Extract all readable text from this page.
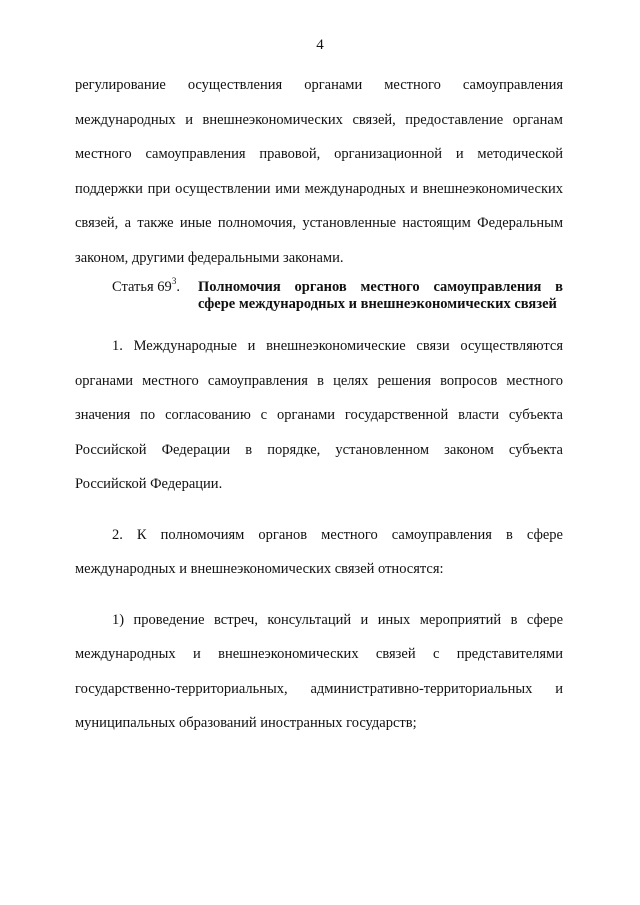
4

регулирование осуществления органами местного самоуправления международных и внешнеэкономических связей, предоставление органам местного самоуправления правовой, организационной и методической поддержки при осуществлении ими международных и внешнеэкономических связей, а также иные полномочия, установленные настоящим Федеральным законом, другими федеральными законами.

Статья $69^3$.	Полномочия органов местного самоуправления в сфере международных и внешнеэкономических связей

1. Международные и внешнеэкономические связи осуществляются органами местного самоуправления в целях решения вопросов местного значения по согласованию с органами государственной власти субъекта Российской Федерации в порядке, установленном законом субъекта Российской Федерации.

2. К полномочиям органов местного самоуправления в сфере международных и внешнеэкономических связей относятся:

1) проведение встреч, консультаций и иных мероприятий в сфере международных и внешнеэкономических связей с представителями государственно-территориальных, административно-территориальных и муниципальных образований иностранных государств;
